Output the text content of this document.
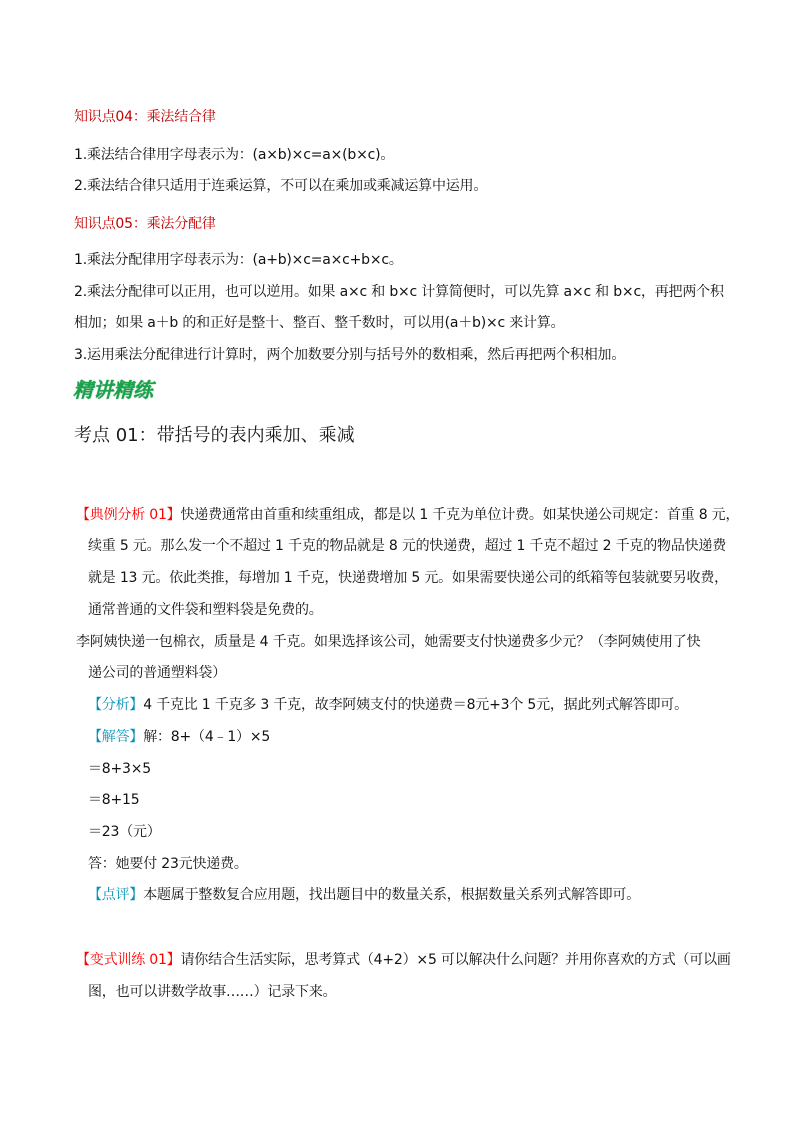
知识点04：乘法结合律
1.乘法结合律用字母表示为：(a×b)×c=a×(b×c)。
2.乘法结合律只适用于连乘运算，不可以在乘加或乘减运算中运用。
知识点05：乘法分配律
1.乘法分配律用字母表示为：(a+b)×c=a×c+b×c。
2.乘法分配律可以正用，也可以逆用。如果 a×c 和 b×c 计算简便时，可以先算 a×c 和 b×c，再把两个积
相加；如果 a＋b 的和正好是整十、整百、整千数时，可以用(a＋b)×c 来计算。
3.运用乘法分配律进行计算时，两个加数要分别与括号外的数相乘，然后再把两个积相加。
精讲精练
考点 01：带括号的表内乘加、乘减
【典例分析 01】快递费通常由首重和续重组成，都是以 1 千克为单位计费。如某快递公司规定：首重 8 元，
续重 5 元。那么发一个不超过 1 千克的物品就是 8 元的快递费，超过 1 千克不超过 2 千克的物品快递费
就是 13 元。依此类推，每增加 1 千克，快递费增加 5 元。如果需要快递公司的纸箱等包装就要另收费，
通常普通的文件袋和塑料袋是免费的。
李阿姨快递一包棉衣，质量是 4 千克。如果选择该公司，她需要支付快递费多少元？（李阿姨使用了快
递公司的普通塑料袋）
【分析】4 千克比 1 千克多 3 千克，故李阿姨支付的快递费＝8元+3个 5元，据此列式解答即可。
【解答】解：8+（4﹣1）×5
＝8+3×5
＝8+15
＝23（元）
答：她要付 23元快递费。
【点评】本题属于整数复合应用题，找出题目中的数量关系，根据数量关系列式解答即可。
【变式训练 01】请你结合生活实际，思考算式（4+2）×5 可以解决什么问题？并用你喜欢的方式（可以画
图，也可以讲数学故事……）记录下来。
